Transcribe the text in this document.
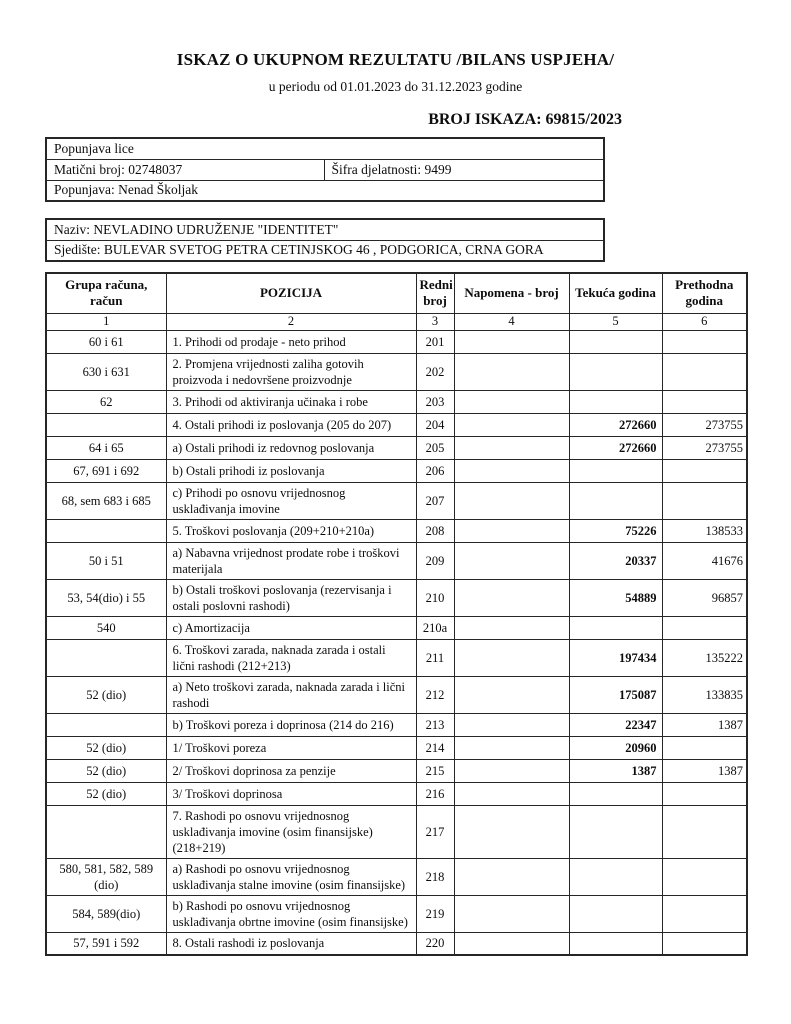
ISKAZ O UKUPNOM REZULTATU /BILANS USPJEHA/
u periodu od 01.01.2023 do 31.12.2023 godine
BROJ ISKAZA: 69815/2023
Popunjava lice
Matični broj: 02748037	Šifra djelatnosti: 9499
Popunjava: Nenad Školjak
Naziv: NEVLADINO UDRUŽENJE "IDENTITET"
Sjedište: BULEVAR SVETOG PETRA CETINJSKOG 46 , PODGORICA, CRNA GORA
Grupa računa, račun	POZICIJA	Redni broj	Napomena - broj	Tekuća godina	Prethodna godina
1	2	3	4	5	6
60 i 61	1. Prihodi od prodaje - neto prihod	201			
630 i 631	2. Promjena vrijednosti zaliha gotovih proizvoda i nedovršene proizvodnje	202			
62	3. Prihodi od aktiviranja učinaka i robe	203			
	4. Ostali prihodi iz poslovanja (205 do 207)	204		272660	273755
64 i 65	a) Ostali prihodi iz redovnog poslovanja	205		272660	273755
67, 691 i 692	b) Ostali prihodi iz poslovanja	206			
68, sem 683 i 685	c) Prihodi po osnovu vrijednosnog usklađivanja imovine	207			
	5. Troškovi poslovanja (209+210+210a)	208		75226	138533
50 i 51	a) Nabavna vrijednost prodate robe i troškovi materijala	209		20337	41676
53, 54(dio) i 55	b) Ostali troškovi poslovanja (rezervisanja i ostali poslovni rashodi)	210		54889	96857
540	c) Amortizacija	210a			
	6. Troškovi zarada, naknada zarada i ostali lični rashodi (212+213)	211		197434	135222
52 (dio)	a) Neto troškovi zarada, naknada zarada i lični rashodi	212		175087	133835
	b) Troškovi poreza i doprinosa (214 do 216)	213		22347	1387
52 (dio)	1/ Troškovi poreza	214		20960	
52 (dio)	2/ Troškovi doprinosa za penzije	215		1387	1387
52 (dio)	3/ Troškovi doprinosa	216			
	7. Rashodi po osnovu vrijednosnog usklađivanja imovine (osim finansijske) (218+219)	217			
580, 581, 582, 589 (dio)	a) Rashodi po osnovu vrijednosnog usklađivanja stalne imovine (osim finansijske)	218			
584, 589(dio)	b) Rashodi po osnovu vrijednosnog usklađivanja obrtne imovine (osim finansijske)	219			
57, 591 i 592	8. Ostali rashodi iz poslovanja	220			
